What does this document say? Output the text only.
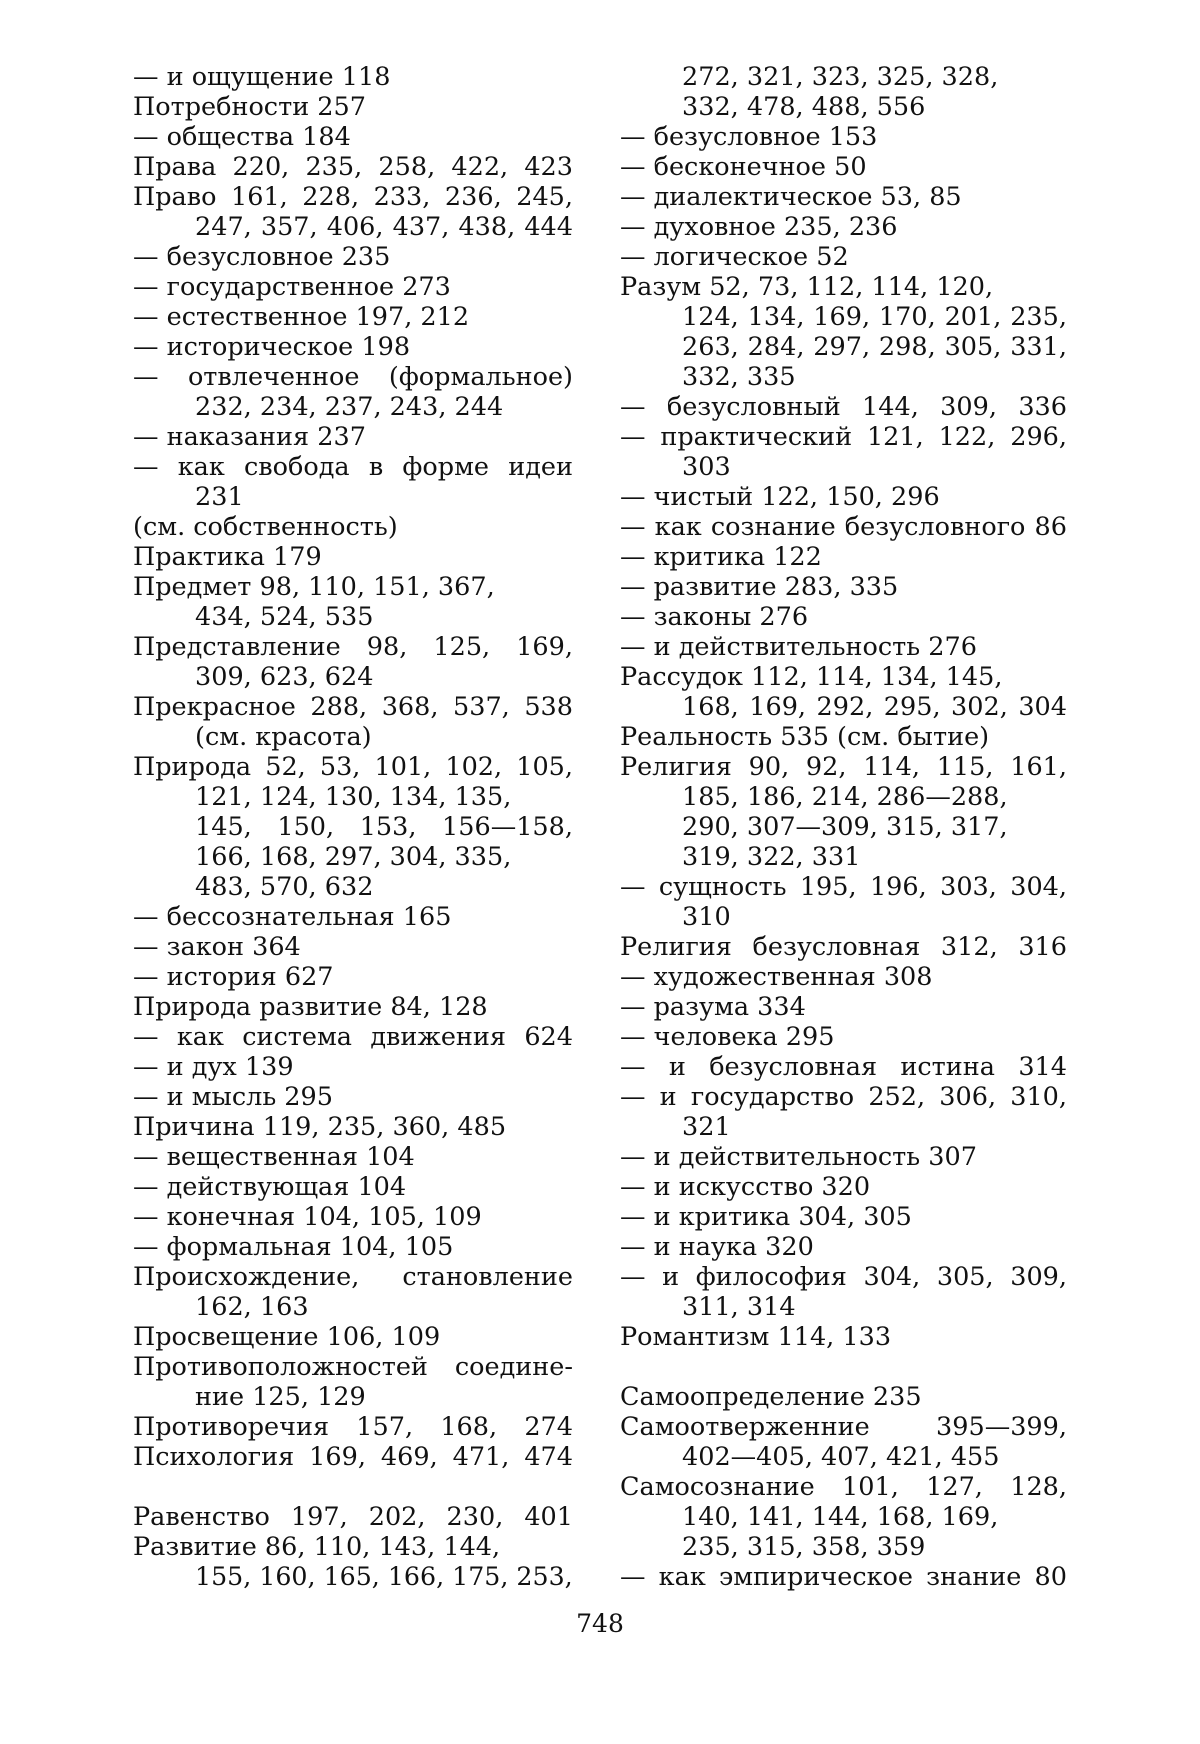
— и ощущение 118
Потребности 257
— общества 184
Права 220, 235, 258, 422, 423
Право 161, 228, 233, 236, 245,
247, 357, 406, 437, 438, 444
— безусловное 235
— государственное 273
— естественное 197, 212
— историческое 198
— отвлеченное (формальное)
232, 234, 237, 243, 244
— наказания 237
— как свобода в форме идеи
231
(см. собственность)
Практика 179
Предмет 98, 110, 151, 367,
434, 524, 535
Представление 98, 125, 169,
309, 623, 624
Прекрасное 288, 368, 537, 538
(см. красота)
Природа 52, 53, 101, 102, 105,
121, 124, 130, 134, 135,
145, 150, 153, 156—158,
166, 168, 297, 304, 335,
483, 570, 632
— бессознательная 165
— закон 364
— история 627
Природа развитие 84, 128
— как система движения 624
— и дух 139
— и мысль 295
Причина 119, 235, 360, 485
— вещественная 104
— действующая 104
— конечная 104, 105, 109
— формальная 104, 105
Происхождение, становление
162, 163
Просвещение 106, 109
Противоположностей соедине-
ние 125, 129
Противоречия 157, 168, 274
Психология 169, 469, 471, 474
Равенство 197, 202, 230, 401
Развитие 86, 110, 143, 144,
155, 160, 165, 166, 175, 253,
272, 321, 323, 325, 328,
332, 478, 488, 556
— безусловное 153
— бесконечное 50
— диалектическое 53, 85
— духовное 235, 236
— логическое 52
Разум 52, 73, 112, 114, 120,
124, 134, 169, 170, 201, 235,
263, 284, 297, 298, 305, 331,
332, 335
— безусловный 144, 309, 336
— практический 121, 122, 296,
303
— чистый 122, 150, 296
— как сознание безусловного 86
— критика 122
— развитие 283, 335
— законы 276
— и действительность 276
Рассудок 112, 114, 134, 145,
168, 169, 292, 295, 302, 304
Реальность 535 (см. бытие)
Религия 90, 92, 114, 115, 161,
185, 186, 214, 286—288,
290, 307—309, 315, 317,
319, 322, 331
— сущность 195, 196, 303, 304,
310
Религия безусловная 312, 316
— художественная 308
— разума 334
— человека 295
— и безусловная истина 314
— и государство 252, 306, 310,
321
— и действительность 307
— и искусство 320
— и критика 304, 305
— и наука 320
— и философия 304, 305, 309,
311, 314
Романтизм 114, 133
Самоопределение 235
Самоотверженние 395—399,
402—405, 407, 421, 455
Самосознание 101, 127, 128,
140, 141, 144, 168, 169,
235, 315, 358, 359
— как эмпирическое знание 80
748
